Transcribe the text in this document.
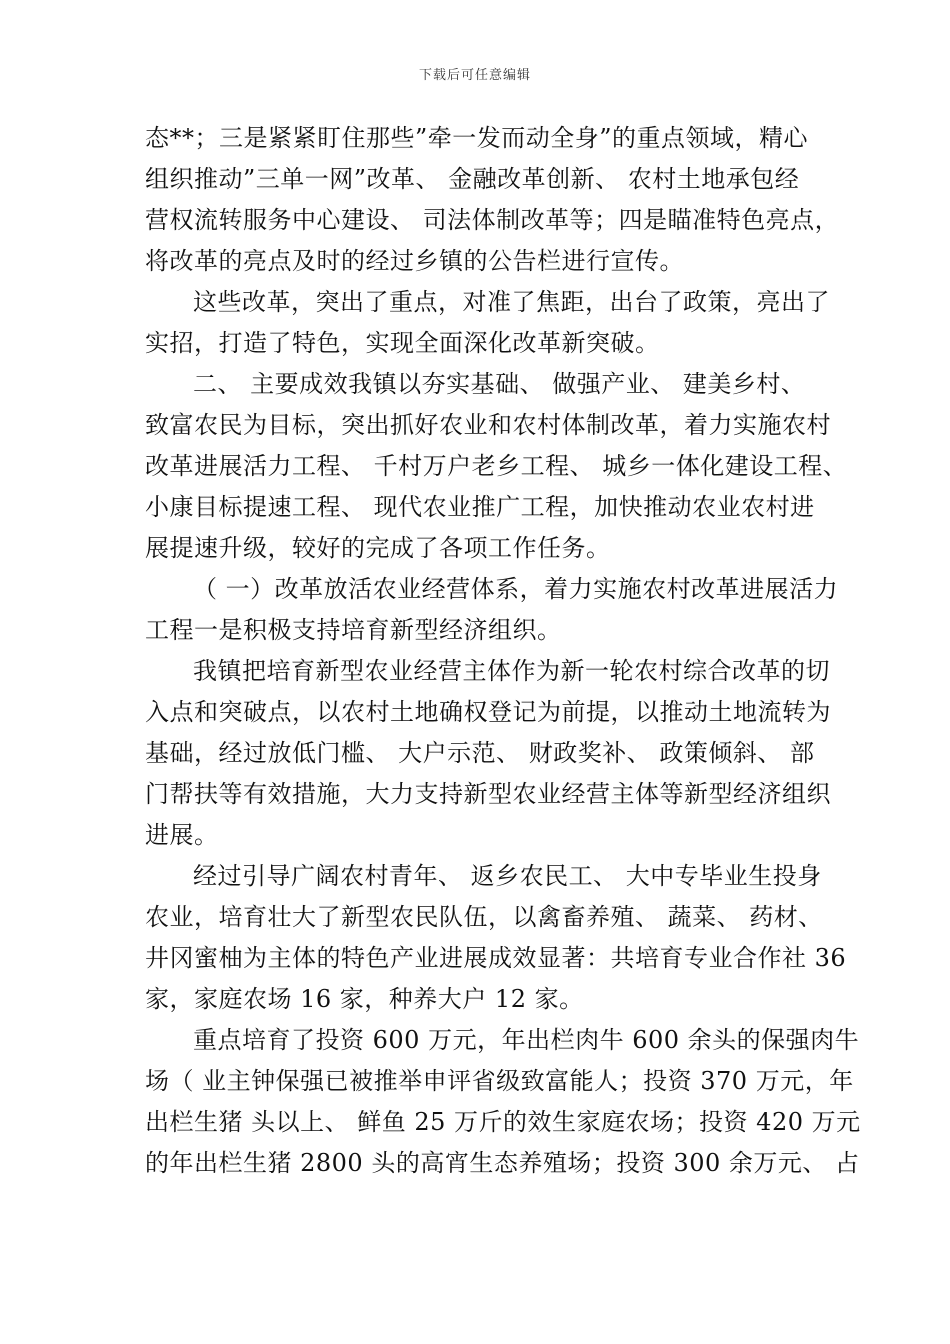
下载后可任意编辑
态**；三是紧紧盯住那些”牵一发而动全身”的重点领域，精心
组织推动”三单一网”改革、 金融改革创新、 农村土地承包经
营权流转服务中心建设、 司法体制改革等；四是瞄准特色亮点，
将改革的亮点及时的经过乡镇的公告栏进行宣传。
这些改革，突出了重点，对准了焦距，出台了政策，亮出了
实招，打造了特色，实现全面深化改革新突破。
二、 主要成效我镇以夯实基础、 做强产业、 建美乡村、
致富农民为目标，突出抓好农业和农村体制改革，着力实施农村
改革进展活力工程、 千村万户老乡工程、 城乡一体化建设工程、
小康目标提速工程、 现代农业推广工程，加快推动农业农村进
展提速升级，较好的完成了各项工作任务。
（ 一）改革放活农业经营体系，着力实施农村改革进展活力
工程一是积极支持培育新型经济组织。
我镇把培育新型农业经营主体作为新一轮农村综合改革的切
入点和突破点，以农村土地确权登记为前提，以推动土地流转为
基础，经过放低门槛、 大户示范、 财政奖补、 政策倾斜、 部
门帮扶等有效措施，大力支持新型农业经营主体等新型经济组织
进展。
经过引导广阔农村青年、 返乡农民工、 大中专毕业生投身
农业，培育壮大了新型农民队伍，以禽畜养殖、 蔬菜、 药材、
井冈蜜柚为主体的特色产业进展成效显著：共培育专业合作社 36
家，家庭农场 16 家，种养大户 12 家。
重点培育了投资 600 万元，年出栏肉牛 600 余头的保强肉牛
场（ 业主钟保强已被推举申评省级致富能人；投资 370 万元，年
出栏生猪 头以上、 鲜鱼 25 万斤的效生家庭农场；投资 420 万元
的年出栏生猪 2800 头的高宵生态养殖场；投资 300 余万元、 占
